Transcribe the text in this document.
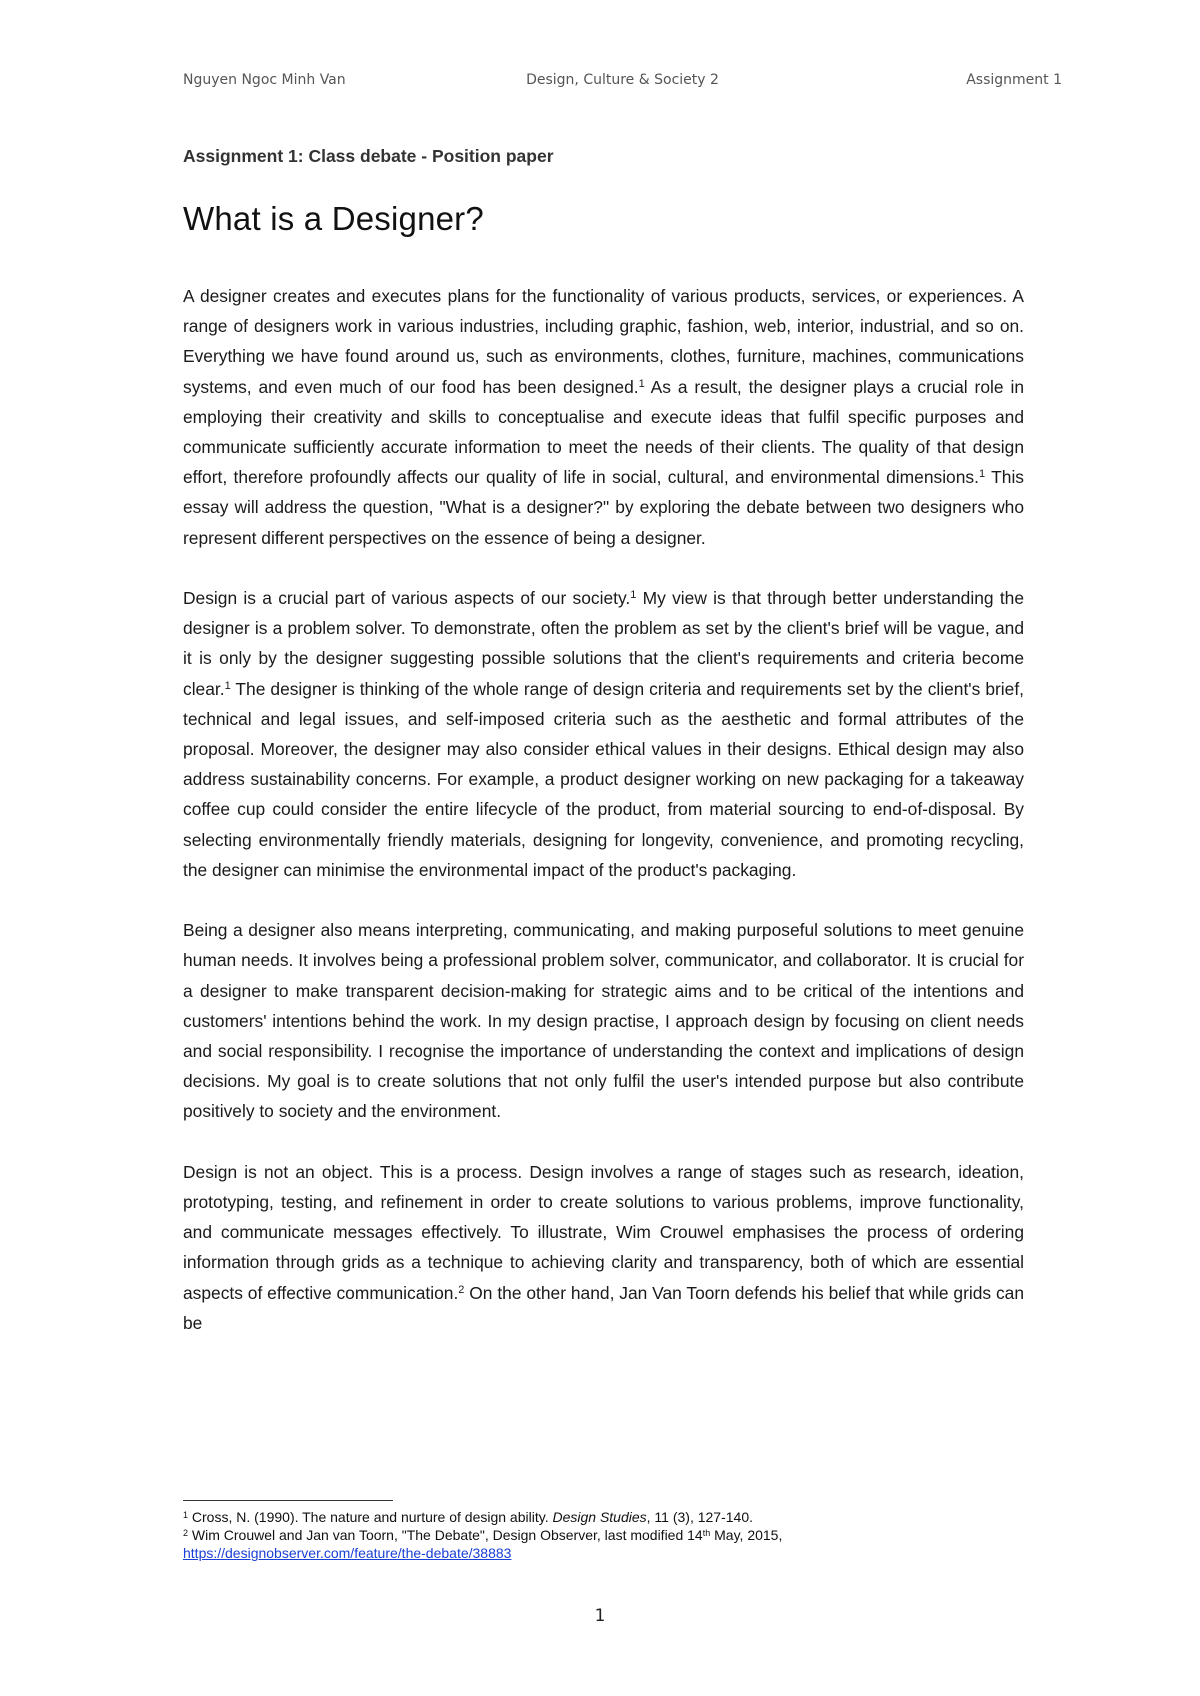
Nguyen Ngoc Minh Van	Design, Culture & Society 2	Assignment 1
Assignment 1: Class debate - Position paper
What is a Designer?

A designer creates and executes plans for the functionality of various products, services, or experiences. A range of designers work in various industries, including graphic, fashion, web, interior, industrial, and so on. Everything we have found around us, such as environments, clothes, furniture, machines, communications systems, and even much of our food has been designed.$^1$ As a result, the designer plays a crucial role in employing their creativity and skills to conceptualise and execute ideas that fulfil specific purposes and communicate sufficiently accurate information to meet the needs of their clients. The quality of that design effort, therefore profoundly affects our quality of life in social, cultural, and environmental dimensions.$^1$ This essay will address the question, "What is a designer?" by exploring the debate between two designers who represent different perspectives on the essence of being a designer.

Design is a crucial part of various aspects of our society.$^1$ My view is that through better understanding the designer is a problem solver. To demonstrate, often the problem as set by the client's brief will be vague, and it is only by the designer suggesting possible solutions that the client's requirements and criteria become clear.$^1$ The designer is thinking of the whole range of design criteria and requirements set by the client's brief, technical and legal issues, and self-imposed criteria such as the aesthetic and formal attributes of the proposal. Moreover, the designer may also consider ethical values in their designs. Ethical design may also address sustainability concerns. For example, a product designer working on new packaging for a takeaway coffee cup could consider the entire lifecycle of the product, from material sourcing to end-of-disposal. By selecting environmentally friendly materials, designing for longevity, convenience, and promoting recycling, the designer can minimise the environmental impact of the product's packaging.

Being a designer also means interpreting, communicating, and making purposeful solutions to meet genuine human needs. It involves being a professional problem solver, communicator, and collaborator. It is crucial for a designer to make transparent decision-making for strategic aims and to be critical of the intentions and customers' intentions behind the work. In my design practise, I approach design by focusing on client needs and social responsibility. I recognise the importance of understanding the context and implications of design decisions. My goal is to create solutions that not only fulfil the user's intended purpose but also contribute positively to society and the environment.

Design is not an object. This is a process. Design involves a range of stages such as research, ideation, prototyping, testing, and refinement in order to create solutions to various problems, improve functionality, and communicate messages effectively. To illustrate, Wim Crouwel emphasises the process of ordering information through grids as a technique to achieving clarity and transparency, both of which are essential aspects of effective communication.$^2$ On the other hand, Jan Van Toorn defends his belief that while grids can be

$^1$ Cross, N. (1990). The nature and nurture of design ability. Design Studies, 11 (3), 127-140.
$^2$ Wim Crouwel and Jan van Toorn, "The Debate", Design Observer, last modified 14th May, 2015,
https://designobserver.com/feature/the-debate/38883
1
